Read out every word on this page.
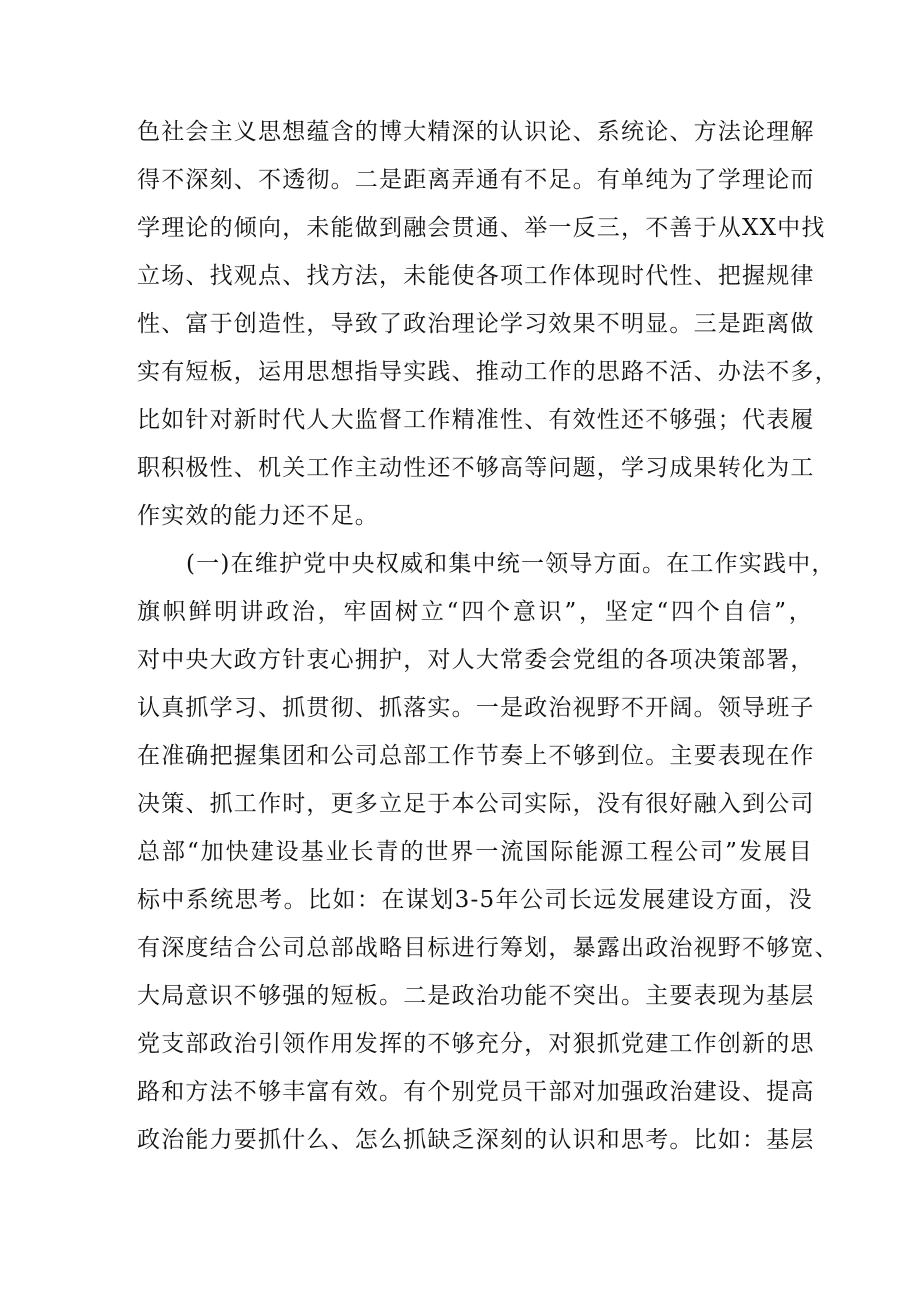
色社会主义思想蕴含的博大精深的认识论、系统论、方法论理解
得不深刻、不透彻。二是距离弄通有不足。有单纯为了学理论而
学理论的倾向，未能做到融会贯通、举一反三，不善于从XX中找
立场、找观点、找方法，未能使各项工作体现时代性、把握规律
性、富于创造性，导致了政治理论学习效果不明显。三是距离做
实有短板，运用思想指导实践、推动工作的思路不活、办法不多，
比如针对新时代人大监督工作精准性、有效性还不够强；代表履
职积极性、机关工作主动性还不够高等问题，学习成果转化为工
作实效的能力还不足。
(一)在维护党中央权威和集中统一领导方面。在工作实践中，
旗帜鲜明讲政治，牢固树立“四个意识”，坚定“四个自信”，
对中央大政方针衷心拥护，对人大常委会党组的各项决策部署，
认真抓学习、抓贯彻、抓落实。一是政治视野不开阔。领导班子
在准确把握集团和公司总部工作节奏上不够到位。主要表现在作
决策、抓工作时，更多立足于本公司实际，没有很好融入到公司
总部“加快建设基业长青的世界一流国际能源工程公司”发展目
标中系统思考。比如：在谋划3-5年公司长远发展建设方面，没
有深度结合公司总部战略目标进行筹划，暴露出政治视野不够宽、
大局意识不够强的短板。二是政治功能不突出。主要表现为基层
党支部政治引领作用发挥的不够充分，对狠抓党建工作创新的思
路和方法不够丰富有效。有个别党员干部对加强政治建设、提高
政治能力要抓什么、怎么抓缺乏深刻的认识和思考。比如：基层
